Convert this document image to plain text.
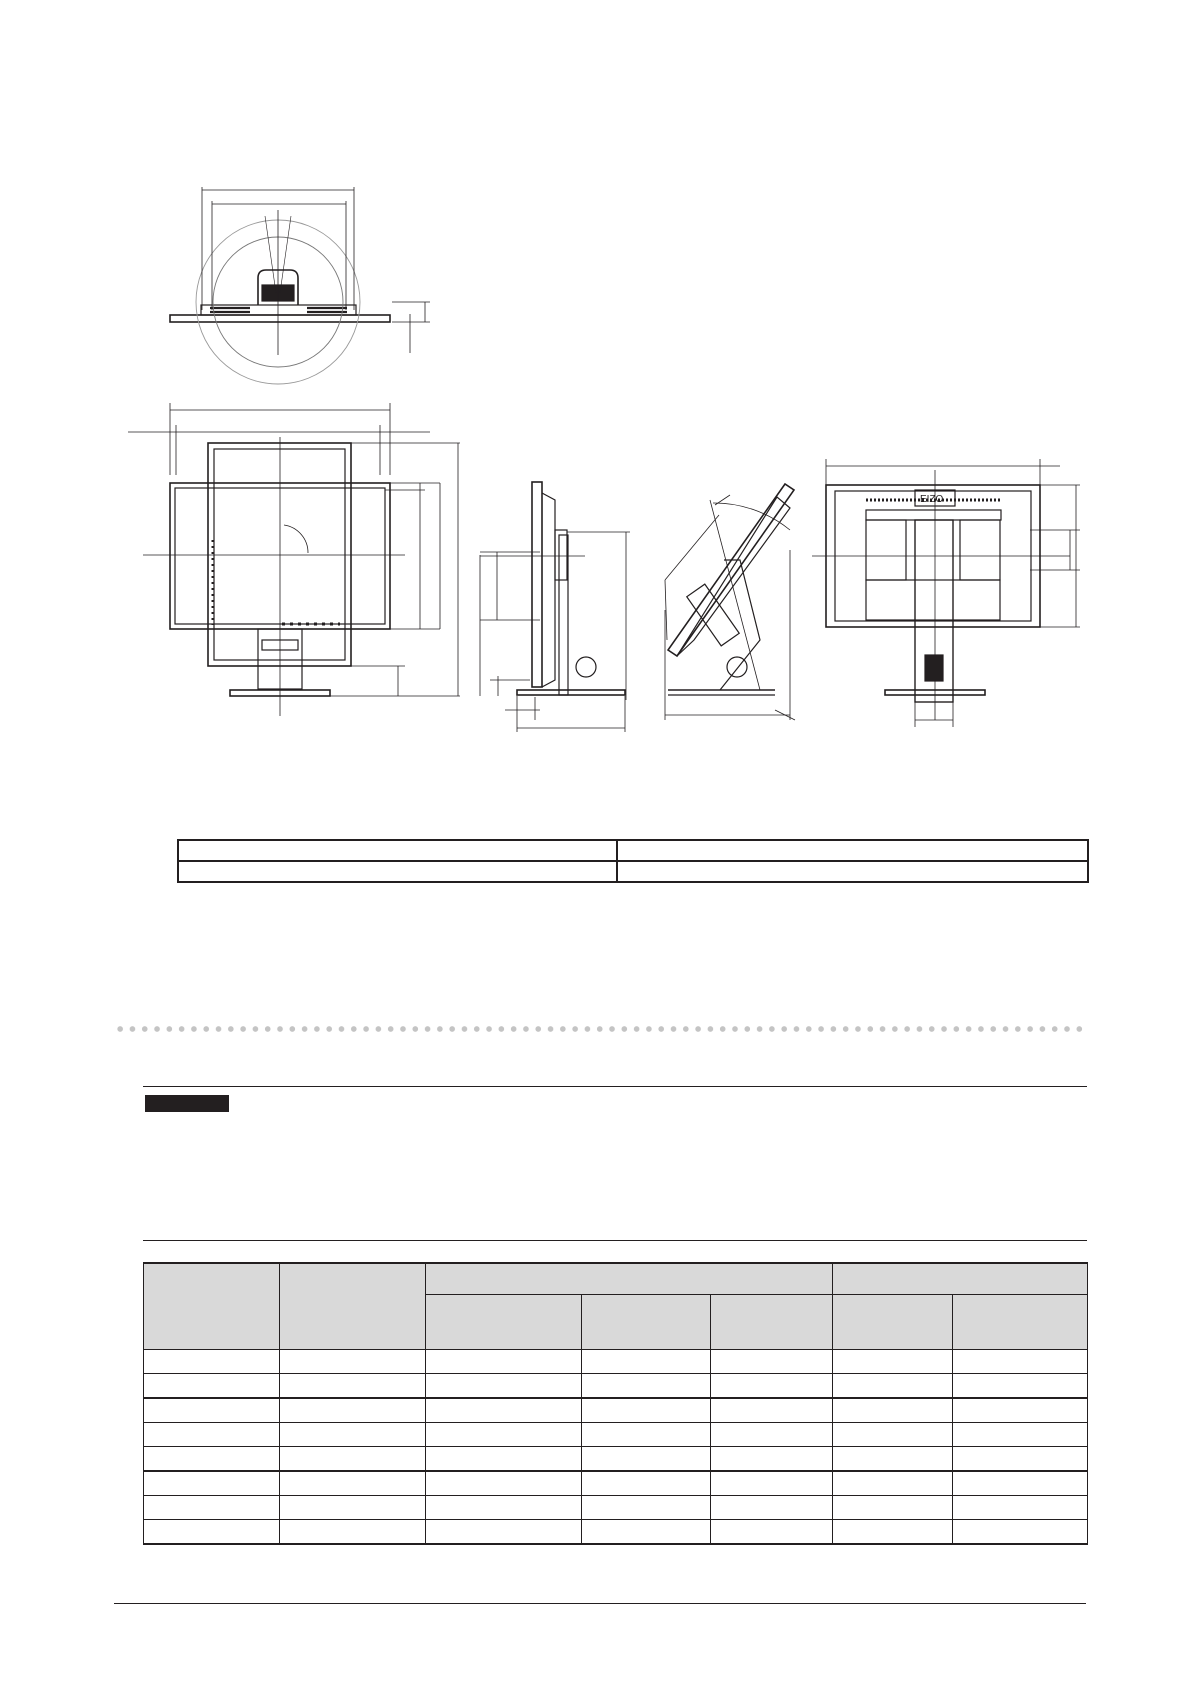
EIZO
